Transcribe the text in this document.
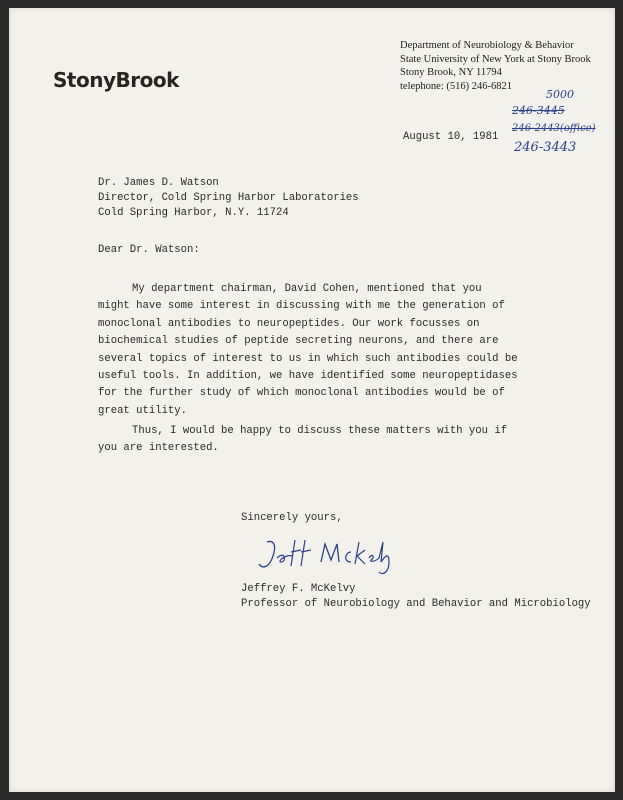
StonyBrook
Department of Neurobiology & Behavior
State University of New York at Stony Brook
Stony Brook, NY 11794
telephone: (516) 246-6821
5000
246-3445
246-2443(office)
246-3443
August 10, 1981
Dr. James D. Watson
Director, Cold Spring Harbor Laboratories
Cold Spring Harbor, N.Y. 11724
Dear Dr. Watson:
My department chairman, David Cohen, mentioned that you might have some interest in discussing with me the generation of monoclonal antibodies to neuropeptides. Our work focusses on biochemical studies of peptide secreting neurons, and there are several topics of interest to us in which such antibodies could be useful tools. In addition, we have identified some neuropeptidases for the further study of which monoclonal antibodies would be of great utility.
Thus, I would be happy to discuss these matters with you if you are interested.
Sincerely yours,
Jeff McKelvy
Jeffrey F. McKelvy
Professor of Neurobiology and Behavior and Microbiology
